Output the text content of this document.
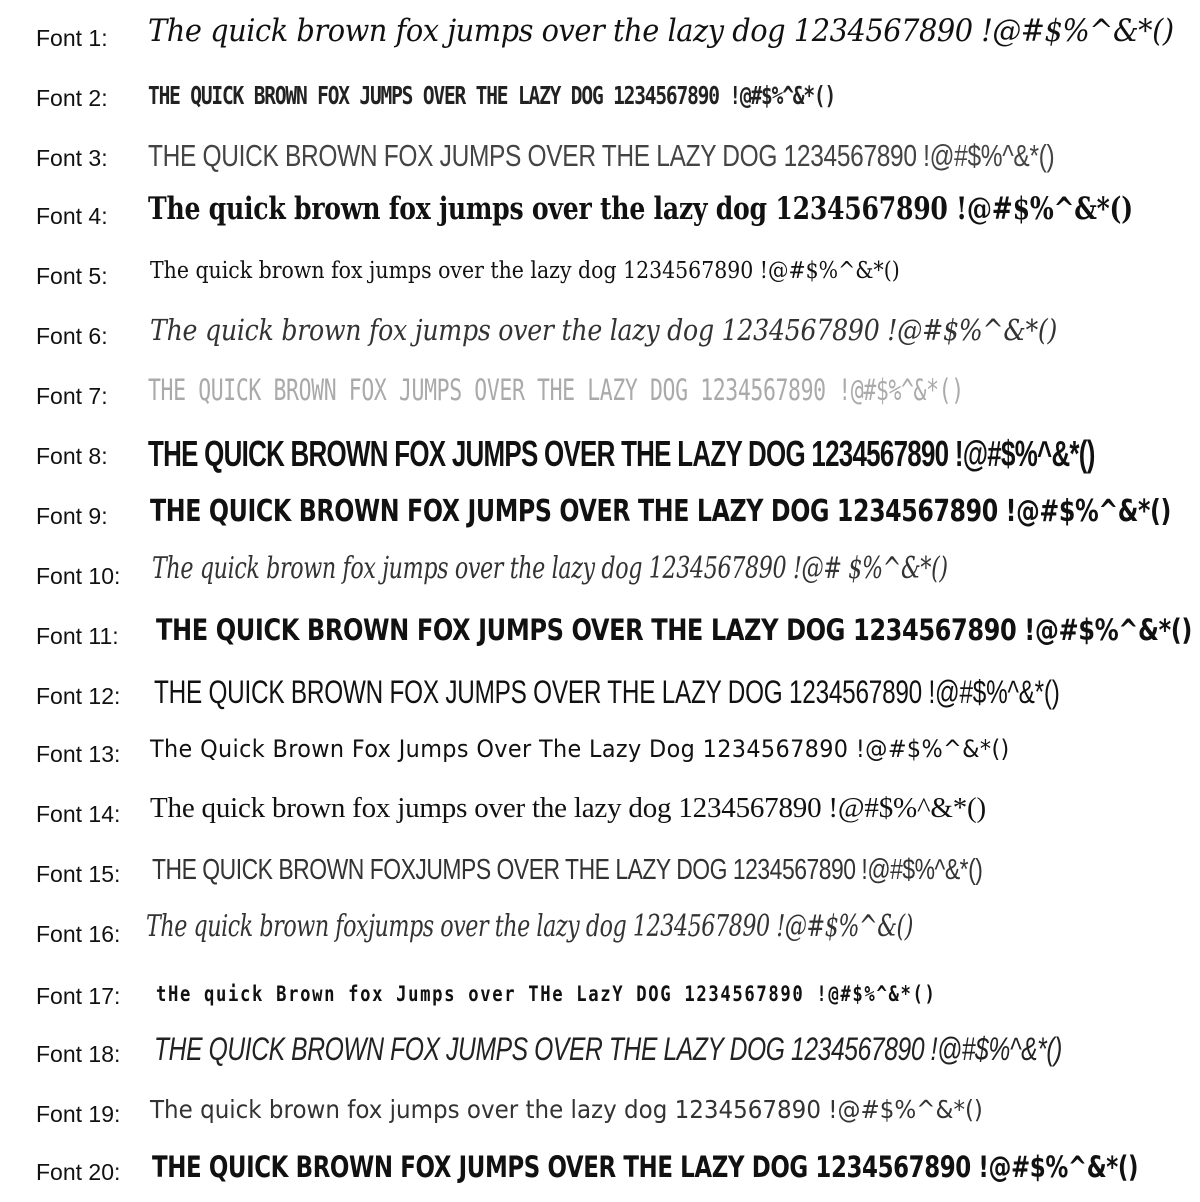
Font 1: The quick brown fox jumps over the lazy dog 1234567890 !@#$%^&*()
Font 2: THE QUICK BROWN FOX JUMPS OVER THE LAZY DOG 1234567890 !@#$%^&*()
Font 3: THE QUICK BROWN FOX JUMPS OVER THE LAZY DOG 1234567890 !@#$%^&*()
Font 4: The quick brown fox jumps over the lazy dog 1234567890 !@#$%^&*()
Font 5: The quick brown fox jumps over the lazy dog 1234567890 !@#$%^&*()
Font 6: The quick brown fox jumps over the lazy dog 1234567890 !@#$%^&*()
Font 7: THE QUICK BROWN FOX JUMPS OVER THE LAZY DOG 1234567890 !@#$%^&*()
Font 8: THE QUICK BROWN FOX JUMPS OVER THE LAZY DOG 1234567890 !@#$%^&*()
Font 9: THE QUICK BROWN FOX JUMPS OVER THE LAZY DOG 1234567890 !@#$%^&*()
Font 10: The quick brown fox jumps over the lazy dog 1234567890 !@# $%^&*()
Font 11: THE QUICK BROWN FOX JUMPS OVER THE LAZY DOG 1234567890 !@#$%^&*()
Font 12: THE QUICK BROWN FOX JUMPS OVER THE LAZY DOG 1234567890 !@#$%^&*()
Font 13: The Quick Brown Fox Jumps Over The Lazy Dog 1234567890 !@#$%^&*()
Font 14: The quick brown fox jumps over the lazy dog 1234567890 !@#$%^&*()
Font 15: THE QUICK BROWN FOXJUMPS OVER THE LAZY DOG 1234567890 !@#$%^&*()
Font 16: The quick brown foxjumps over the lazy dog 1234567890 !@#$%^&()
Font 17: tHe quick Brown fox Jumps over THe LazY DOG 1234567890 !@#$%^&*()
Font 18: THE QUICK BROWN FOX JUMPS OVER THE LAZY DOG 1234567890 !@#$%^&*()
Font 19: The quick brown fox jumps over the lazy dog 1234567890 !@#$%^&*()
Font 20: THE QUICK BROWN FOX JUMPS OVER THE LAZY DOG 1234567890 !@#$%^&*()
